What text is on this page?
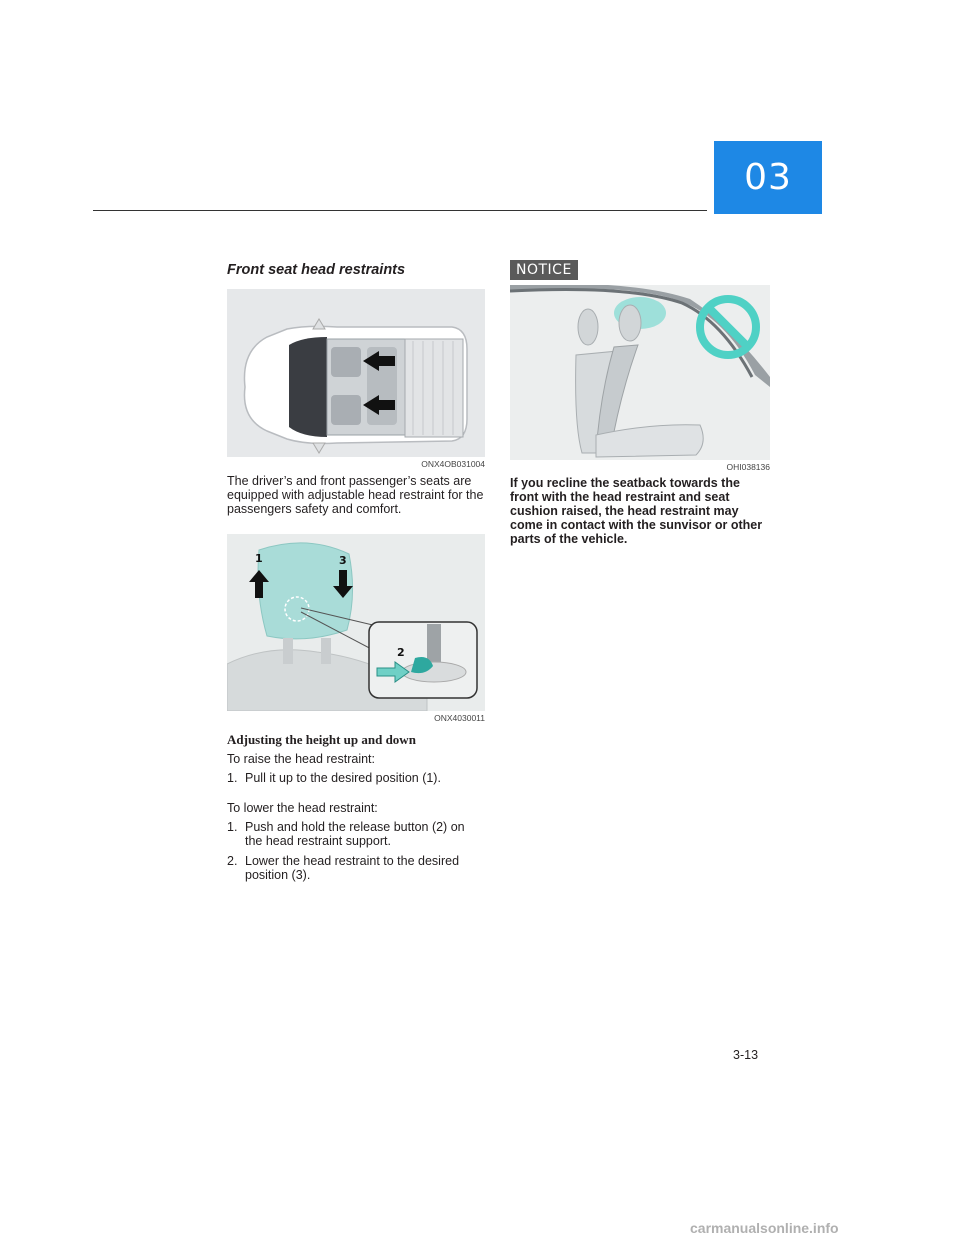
03
Front seat head restraints
ONX4OB031004
The driver’s and front passenger’s seats are equipped with adjustable head restraint for the passengers safety and comfort.
1	3
2
ONX4030011
Adjusting the height up and down
To raise the head restraint:
1. Pull it up to the desired position (1).
To lower the head restraint:
1. Push and hold the release button (2) on the head restraint support.
2. Lower the head restraint to the desired position (3).
NOTICE
OHI038136
If you recline the seatback towards the front with the head restraint and seat cushion raised, the head restraint may come in contact with the sunvisor or other parts of the vehicle.
3-13
carmanualsonline.info
